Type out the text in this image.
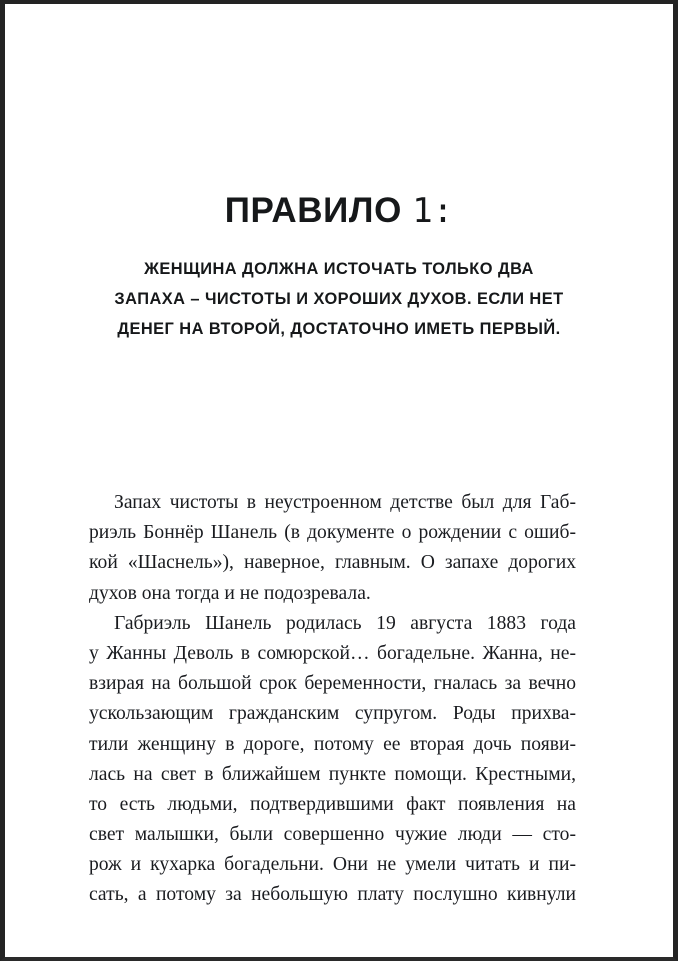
ПРАВИЛО 1:
ЖЕНЩИНА ДОЛЖНА ИСТОЧАТЬ ТОЛЬКО ДВА
ЗАПАХА – ЧИСТОТЫ И ХОРОШИХ ДУХОВ. ЕСЛИ НЕТ
ДЕНЕГ НА ВТОРОЙ, ДОСТАТОЧНО ИМЕТЬ ПЕРВЫЙ.

Запах чистоты в неустроенном детстве был для Габ-
риэль Боннёр Шанель (в документе о рождении с ошиб-
кой «Шаснель»), наверное, главным. О запахе дорогих
духов она тогда и не подозревала.

Габриэль Шанель родилась 19 августа 1883 года
у Жанны Деволь в сомюрской… богадельне. Жанна, не-
взирая на большой срок беременности, гналась за вечно
ускользающим гражданским супругом. Роды прихва-
тили женщину в дороге, потому ее вторая дочь появи-
лась на свет в ближайшем пункте помощи. Крестными,
то есть людьми, подтвердившими факт появления на
свет малышки, были совершенно чужие люди — сто-
рож и кухарка богадельни. Они не умели читать и пи-
сать, а потому за небольшую плату послушно кивнули
